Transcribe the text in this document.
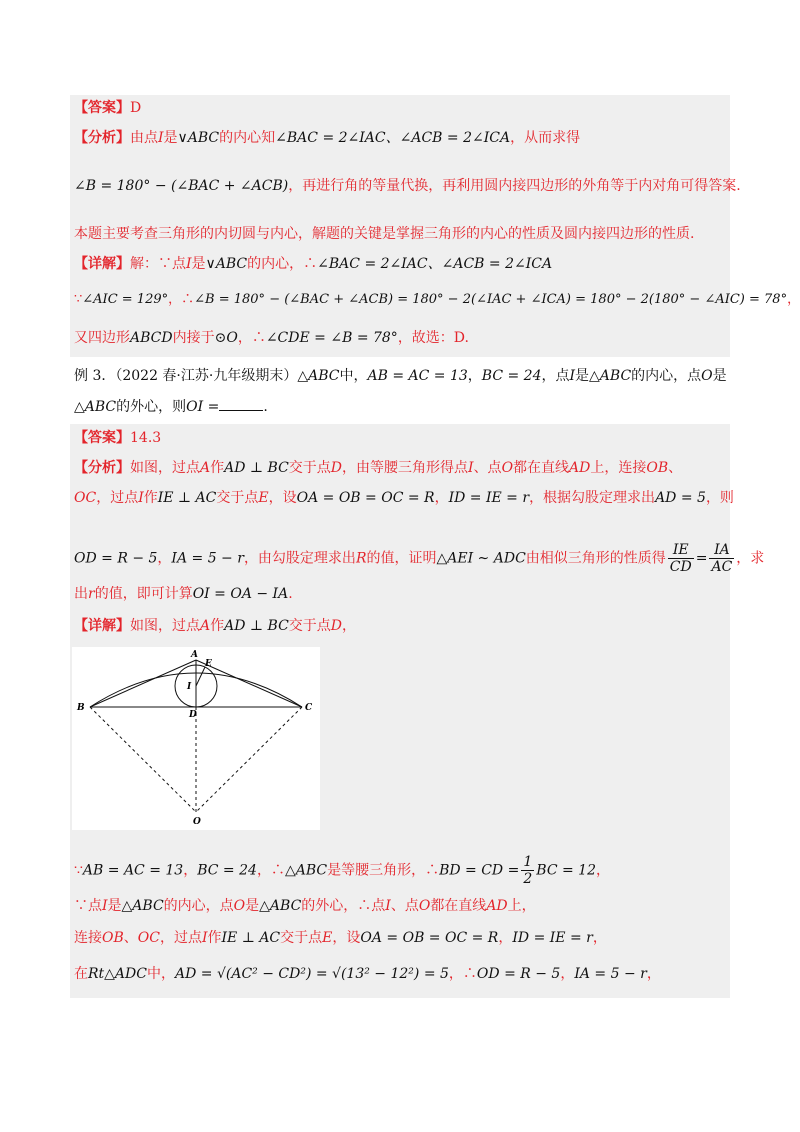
【答案】D
【分析】由点I是∨ABC的内心知∠BAC = 2∠IAC、∠ACB = 2∠ICA，从而求得
∠B = 180° − (∠BAC + ∠ACB)，再进行角的等量代换，再利用圆内接四边形的外角等于内对角可得答案.
本题主要考查三角形的内切圆与内心，解题的关键是掌握三角形的内心的性质及圆内接四边形的性质.
【详解】解：∵点I是∨ABC的内心，∴∠BAC = 2∠IAC、∠ACB = 2∠ICA
∵∠AIC = 129°，∴∠B = 180° − (∠BAC + ∠ACB) = 180° − 2(∠IAC + ∠ICA) = 180° − 2(180° − ∠AIC) = 78°，
又四边形ABCD内接于⊙O，∴∠CDE = ∠B = 78°，故选：D.
例 3．（2022 春·江苏·九年级期末）△ABC中，AB = AC = 13，BC = 24，点I是△ABC的内心，点O是
△ABC的外心，则OI =	.
【答案】14.3
【分析】如图，过点A作AD ⊥ BC交于点D，由等腰三角形得点I、点O都在直线AD上，连接OB、
OC，过点I作IE ⊥ AC交于点E，设OA = OB = OC = R，ID = IE = r，根据勾股定理求出AD = 5，则
OD = R − 5，IA = 5 − r，由勾股定理求出R的值，证明△AEI ∼ ADC由相似三角形的性质得 $\frac{IE}{CD} = \frac{IA}{AC}$ ，求
出r的值，即可计算OI = OA − IA.
【详解】如图，过点A作AD ⊥ BC交于点D，
A
E
B	C
D
I
O
∵AB = AC = 13，BC = 24，∴△ABC是等腰三角形，∴BD = CD = $\frac{1}{2}$ BC = 12，
∵点I是△ABC的内心，点O是△ABC的外心，∴点I、点O都在直线AD上，
连接OB、OC，过点I作IE ⊥ AC交于点E，设OA = OB = OC = R，ID = IE = r，
在Rt△ADC中，AD = √(AC² − CD²) = √(13² − 12²) = 5，∴OD = R − 5，IA = 5 − r，
